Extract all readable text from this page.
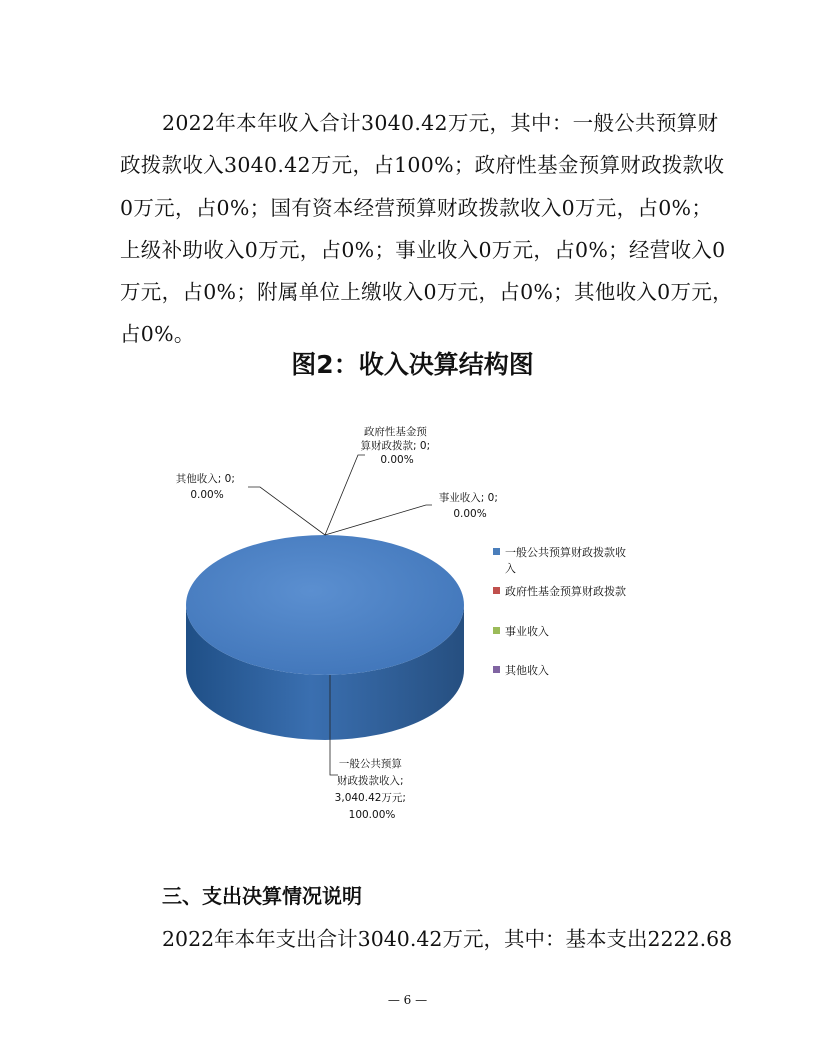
2022年本年收入合计3040.42万元，其中：一般公共预算财
政拨款收入3040.42万元，占100%；政府性基金预算财政拨款收
0万元，占0%；国有资本经营预算财政拨款收入0万元，占0%；
上级补助收入0万元，占0%；事业收入0万元，占0%；经营收入0
万元，占0%；附属单位上缴收入0万元，占0%；其他收入0万元，
占0%。
图2：收入决算结构图
政府性基金预 算财政拨款; 0; 0.00%
其他收入; 0; 0.00%	事业收入; 0; 0.00%
一般公共预算 财政拨款收入; 3,040.42万元; 100.00%
一般公共预算财政拨款收 入
政府性基金预算财政拨款
事业收入
其他收入
三、支出决算情况说明

2022年本年支出合计3040.42万元，其中：基本支出2222.68

— 6 —
